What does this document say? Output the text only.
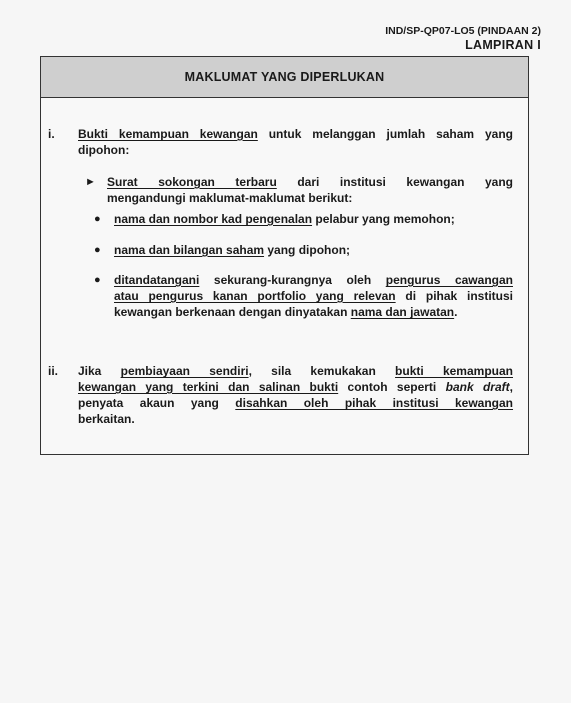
IND/SP-QP07-LO5 (PINDAAN 2)
LAMPIRAN I
MAKLUMAT YANG DIPERLUKAN
i. Bukti kemampuan kewangan untuk melanggan jumlah saham yang
dipohon:
► Surat sokongan terbaru dari institusi kewangan yang
mengandungi maklumat-maklumat berikut:
● nama dan nombor kad pengenalan pelabur yang memohon;
● nama dan bilangan saham yang dipohon;
● ditandatangani sekurang-kurangnya oleh pengurus cawangan
atau pengurus kanan portfolio yang relevan di pihak institusi
kewangan berkenaan dengan dinyatakan nama dan jawatan.
ii. Jika pembiayaan sendiri, sila kemukakan bukti kemampuan
kewangan yang terkini dan salinan bukti contoh seperti bank draft,
penyata akaun yang disahkan oleh pihak institusi kewangan
berkaitan.
